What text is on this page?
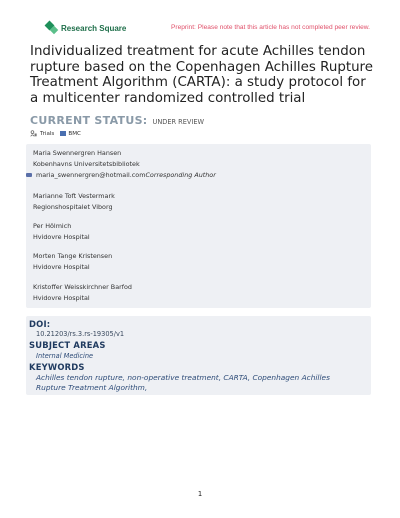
Research Square	Preprint: Please note that this article has not completed peer review.
Individualized treatment for acute Achilles tendon rupture based on the Copenhagen Achilles Rupture Treatment Algorithm (CARTA): a study protocol for a multicenter randomized controlled trial
CURRENT STATUS: UNDER REVIEW
Trials	BMC
Maria Swennergren Hansen
Kobenhavns Universitetsbibliotek
maria_swennergren@hotmail.com Corresponding Author
Marianne Toft Vestermark
Regionshospitalet Viborg
Per Hölmich
Hvidovre Hospital
Morten Tange Kristensen
Hvidovre Hospital
Kristoffer Weisskirchner Barfod
Hvidovre Hospital
DOI:
10.21203/rs.3.rs-19305/v1
SUBJECT AREAS
Internal Medicine
KEYWORDS
Achilles tendon rupture, non-operative treatment, CARTA, Copenhagen Achilles Rupture Treatment Algorithm,
1
